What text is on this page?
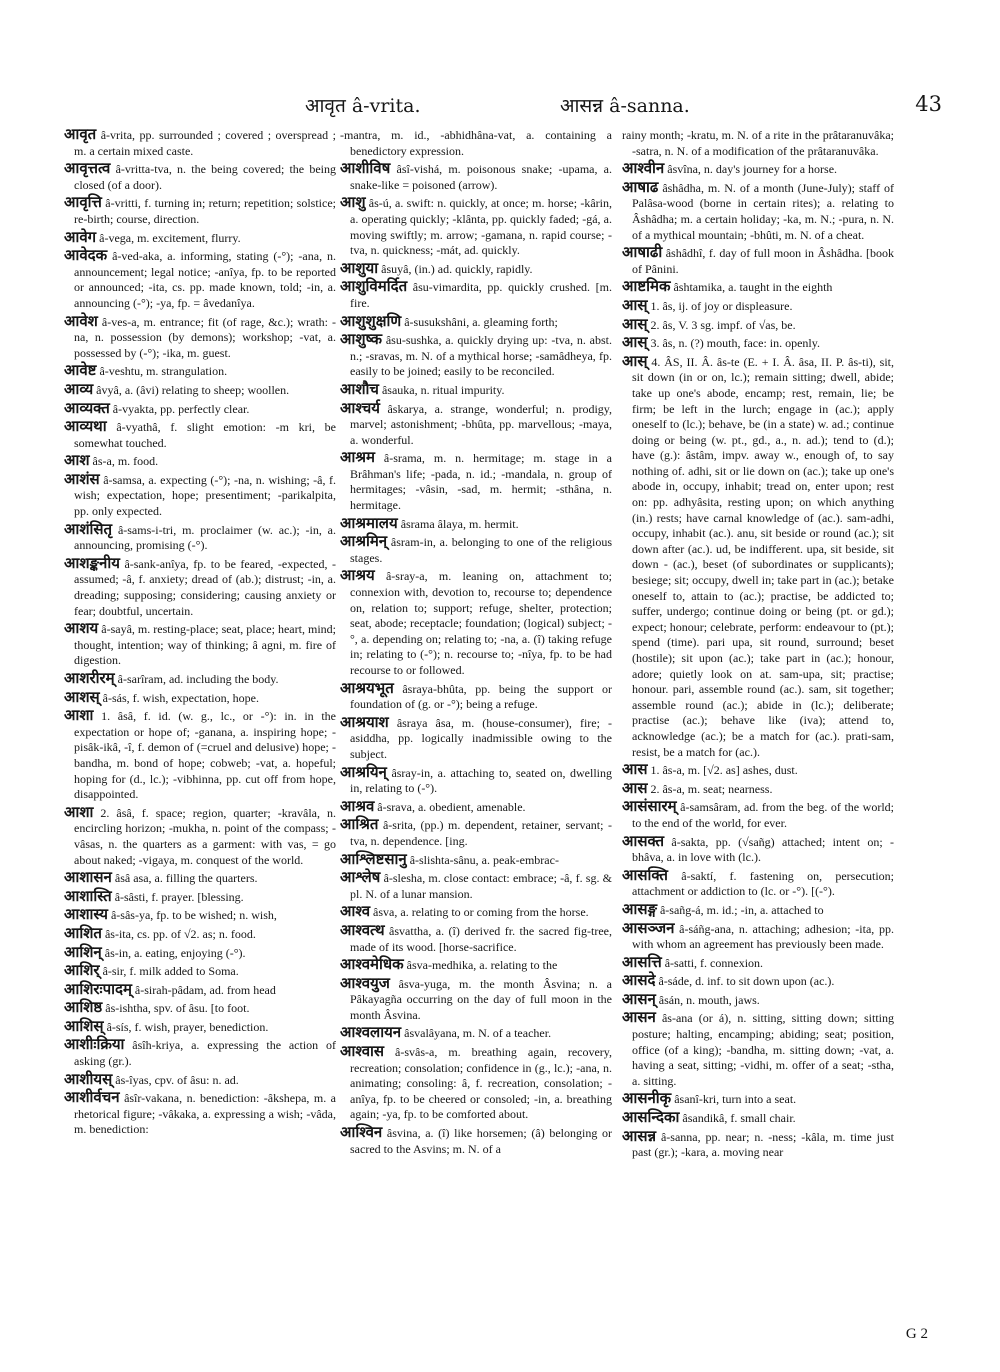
आवृत â-vrita.	आसन्न â-sanna.	43

आवृत â-vrita, pp. surrounded ; covered ; overspread ; m. a certain mixed caste.

आवृत्तत्व â-vritta-tva, n. the being covered; the being closed (of a door).

आवृत्ति â-vritti, f. turning in; return; repetition; solstice; re-birth; course, direction.

आवेग â-vega, m. excitement, flurry.

आवेदक â-ved-aka, a. informing, stating (-°); -ana, n. announcement; legal notice; -anîya, fp. to be reported or announced; -ita, cs. pp. made known, told; -in, a. announcing (-°); -ya, fp. = âvedanîya.

आवेश â-ves-a, m. entrance; fit (of rage, &c.); wrath: -na, n. possession (by demons); workshop; -vat, a. possessed by (-°); -ika, m. guest.

आवेष्ट â-veshtu, m. strangulation.

आव्य âvyâ, a. (âvi) relating to sheep; woollen.

आव्यक्त â-vyakta, pp. perfectly clear.

आव्यथा â-vyathâ, f. slight emotion: -m kri, be somewhat touched.

आश âs-a, m. food.

आशंस â-samsa, a. expecting (-°); -na, n. wishing; -â, f. wish; expectation, hope; presentiment; -parikalpita, pp. only expected.

आशंसितृ â-sams-i-tri, m. proclaimer (w. ac.); -in, a. announcing, promising (-°).

आशङ्कनीय â-sank-anîya, fp. to be feared, -expected, -assumed; -â, f. anxiety; dread of (ab.); distrust; -in, a. dreading; supposing; considering; causing anxiety or fear; doubtful, uncertain.

आशय â-sayâ, m. resting-place; seat, place; heart, mind; thought, intention; way of thinking; â agni, m. fire of digestion.

आशरीरम् â-sarîram, ad. including the body.

आशस् â-sás, f. wish, expectation, hope.

आशा 1. âsâ, f. id. (w. g., lc., or -°): in. in the expectation or hope of; -ganana, a. inspiring hope; -pisâk-ikâ, -î, f. demon of (=cruel and delusive) hope; -bandha, m. bond of hope; cobweb; -vat, a. hopeful; hoping for (d., lc.); -vibhinna, pp. cut off from hope, disappointed.

आशा 2. âsâ, f. space; region, quarter; -kravâla, n. encircling horizon; -mukha, n. point of the compass; -vâsas, n. the quarters as a garment: with vas, = go about naked; -vigaya, m. conquest of the world.

आशासन âsâ asa, a. filling the quarters.

आशास्ति â-sâsti, f. prayer. [blessing.

आशास्य â-sâs-ya, fp. to be wished; n. wish,

आशित âs-ita, cs. pp. of √2. as; n. food.

आशिन् âs-in, a. eating, enjoying (-°).

आशिर् â-sir, f. milk added to Soma.

आशिरःपादम् â-sirah-pâdam, ad. from head

आशिष्ठ âs-ishtha, spv. of âsu. [to foot.

आशिस् â-sís, f. wish, prayer, benediction.

आशीःक्रिया âsîh-kriya, a. expressing the action of asking (gr.).

आशीयस् âs-îyas, cpv. of âsu: n. ad.

आशीर्वचन âsîr-vakana, n. benediction: -âkshepa, m. a rhetorical figure; -vâkaka, a. expressing a wish; -vâda, m. benediction:

-mantra, m. id., -abhidhâna-vat, a. containing a benedictory expression.

आशीविष âsî-vishá, m. poisonous snake; -upama, a. snake-like = poisoned (arrow).

आशु âs-ú, a. swift: n. quickly, at once; m. horse; -kârin, a. operating quickly; -klânta, pp. quickly faded; -gá, a. moving swiftly; m. arrow; -gamana, n. rapid course; -tva, n. quickness; -mát, ad. quickly.

आशुया âsuyâ, (in.) ad. quickly, rapidly.

आशुविमर्दित âsu-vimardita, pp. quickly crushed. [m. fire.

आशुशुक्षणि â-susukshâni, a. gleaming forth;

आशुष्क âsu-sushka, a. quickly drying up: -tva, n. abst. n.; -sravas, m. N. of a mythical horse; -samâdheya, fp. easily to be joined; easily to be reconciled.

आशौच âsauka, n. ritual impurity.

आश्चर्य âskarya, a. strange, wonderful; n. prodigy, marvel; astonishment; -bhûta, pp. marvellous; -maya, a. wonderful.

आश्रम â-srama, m. n. hermitage; m. stage in a Brâhman's life; -pada, n. id.; -mandala, n. group of hermitages; -vâsin, -sad, m. hermit; -sthâna, n. hermitage.

आश्रमालय âsrama âlaya, m. hermit.

आश्रमिन् âsram-in, a. belonging to one of the religious stages.

आश्रय â-sray-a, m. leaning on, attachment to; connexion with, devotion to, recourse to; dependence on, relation to; support; refuge, shelter, protection; seat, abode; receptacle; foundation; (logical) subject; -°, a. depending on; relating to; -na, a. (î) taking refuge in; relating to (-°); n. recourse to; -nîya, fp. to be had recourse to or followed.

आश्रयभूत âsraya-bhûta, pp. being the support or foundation of (g. or -°); being a refuge.

आश्रयाश âsraya âsa, m. (house-consumer), fire; -asiddha, pp. logically inadmissible owing to the subject.

आश्रयिन् âsray-in, a. attaching to, seated on, dwelling in, relating to (-°).

आश्रव â-srava, a. obedient, amenable.

आश्रित â-srita, (pp.) m. dependent, retainer, servant; -tva, n. dependence. [ing.

आश्लिष्टसानु â-slishta-sânu, a. peak-embrac-

आश्लेष â-slesha, m. close contact: embrace; -â, f. sg. & pl. N. of a lunar mansion.

आश्व âsva, a. relating to or coming from the horse.

आश्वत्थ âsvattha, a. (î) derived fr. the sacred fig-tree, made of its wood. [horse-sacrifice.

आश्वमेधिक âsva-medhika, a. relating to the

आश्वयुज âsva-yuga, m. the month Âsvina; n. a Pâkayagña occurring on the day of full moon in the month Âsvina.

आश्वलायन âsvalâyana, m. N. of a teacher.

आश्वास â-svâs-a, m. breathing again, recovery, recreation; consolation; confidence in (g., lc.); -ana, n. animating; consoling: â, f. recreation, consolation; -anîya, fp. to be cheered or consoled; -in, a. breathing again; -ya, fp. to be comforted about.

आश्विन âsvina, a. (î) like horsemen; (â) belonging or sacred to the Asvins; m. N. of a

rainy month; -kratu, m. N. of a rite in the prâtaranuvâka; -satra, n. N. of a modification of the prâtaranuvâka.

आश्वीन âsvîna, n. day's journey for a horse.

आषाढ âshâdha, m. N. of a month (June-July); staff of Palâsa-wood (borne in certain rites); a. relating to Âshâdha; m. a certain holiday; -ka, m. N.; -pura, n. N. of a mythical mountain; -bhûti, m. N. of a cheat.

आषाढी âshâdhî, f. day of full moon in Âshâdha. [book of Pânini.

आष्टमिक âshtamika, a. taught in the eighth

आस् 1. âs, ij. of joy or displeasure.

आस् 2. âs, V. 3 sg. impf. of √as, be.

आस् 3. âs, n. (?) mouth, face: in. openly.

आस् 4. ÂS, II. Â. âs-te (E. + I. Â. âsa, II. P. âs-ti), sit, sit down (in or on, lc.); remain sitting; dwell, abide; take up one's abode, encamp; rest, remain, lie; be firm; be left in the lurch; engage in (ac.); apply oneself to (lc.); behave, be (in a state) w. ad.; continue doing or being (w. pt., gd., a., n. ad.); tend to (d.); have (g.): âstâm, impv. away w., enough of, to say nothing of. adhi, sit or lie down on (ac.); take up one's abode in, occupy, inhabit; tread on, enter upon; rest on: pp. adhyâsita, resting upon; on which anything (in.) rests; have carnal knowledge of (ac.). sam-adhi, occupy, inhabit (ac.). anu, sit beside or round (ac.); sit down after (ac.). ud, be indifferent. upa, sit beside, sit down - (ac.), beset (of subordinates or supplicants); besiege; sit; occupy, dwell in; take part in (ac.); betake oneself to, attain to (ac.); practise, be addicted to; suffer, undergo; continue doing or being (pt. or gd.); expect; honour; celebrate, perform: endeavour to (pt.); spend (time). pari upa, sit round, surround; beset (hostile); sit upon (ac.); take part in (ac.); honour, adore; quietly look on at. sam-upa, sit; practise; honour. pari, assemble round (ac.). sam, sit together; assemble round (ac.); abide in (lc.); deliberate; practise (ac.); behave like (iva); attend to, acknowledge (ac.); be a match for (ac.). prati-sam, resist, be a match for (ac.).

आस 1. âs-a, m. [√2. as] ashes, dust.

आस 2. âs-a, m. seat; nearness.

आसंसारम् â-samsâram, ad. from the beg. of the world; to the end of the world, for ever.

आसक्त â-sakta, pp. (√sañg) attached; intent on; -bhâva, a. in love with (lc.).

आसक्ति â-saktí, f. fastening on, persecution; attachment or addiction to (lc. or -°). [(-°).

आसङ्ग â-sañg-á, m. id.; -in, a. attached to

आसञ्जन â-sáñg-ana, n. attaching; adhesion; -ita, pp. with whom an agreement has previously been made.

आसत्ति â-satti, f. connexion.

आसदे â-sáde, d. inf. to sit down upon (ac.).

आसन् âsán, n. mouth, jaws.

आसन âs-ana (or á), n. sitting, sitting down; sitting posture; halting, encamping; abiding; seat; position, office (of a king); -bandha, m. sitting down; -vat, a. having a seat, sitting; -vidhi, m. offer of a seat; -stha, a. sitting.

आसनीकृ âsanî-kri, turn into a seat.

आसन्दिका âsandikâ, f. small chair.

आसन्न â-sanna, pp. near; n. -ness; -kâla, m. time just past (gr.); -kara, a. moving near

G 2
